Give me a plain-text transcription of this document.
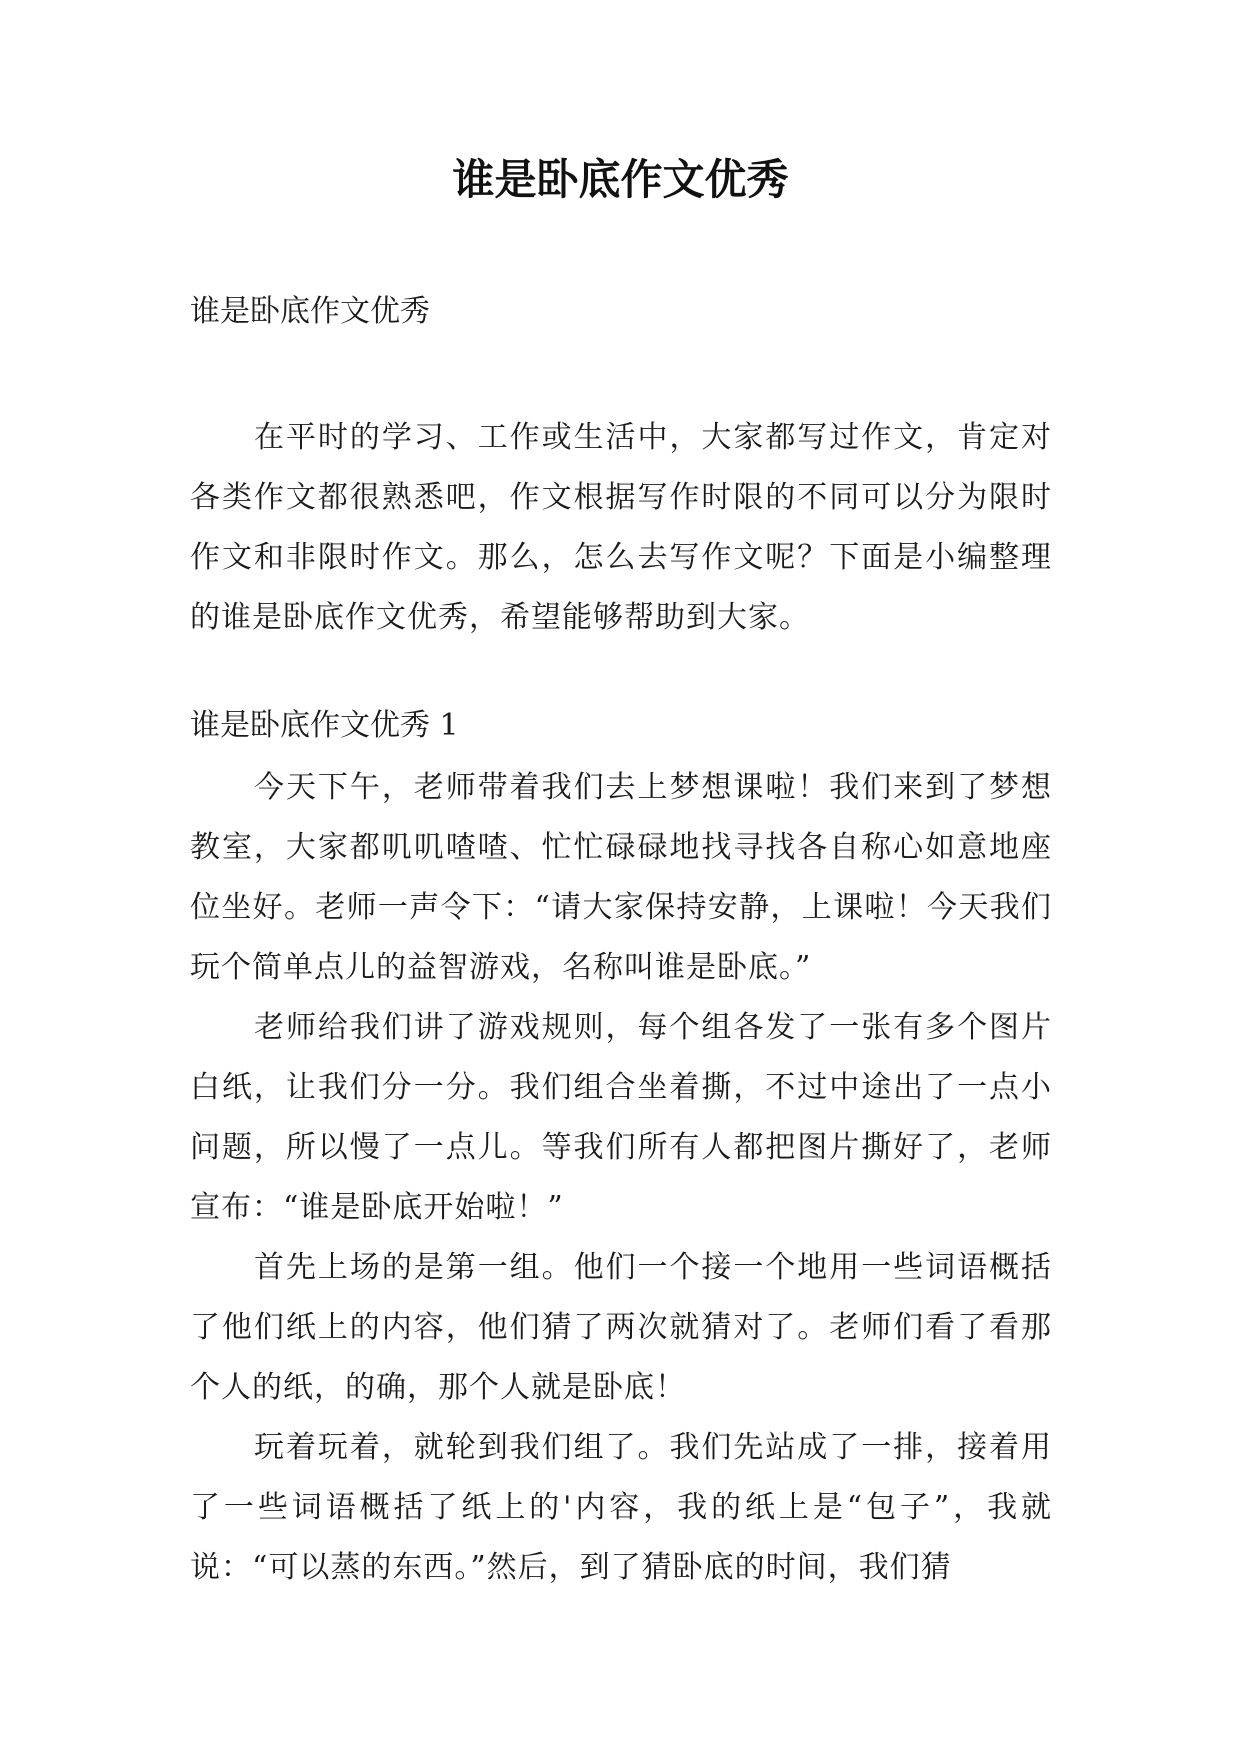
谁是卧底作文优秀

谁是卧底作文优秀

在平时的学习、工作或生活中，大家都写过作文，肯定对各类作文都很熟悉吧，作文根据写作时限的不同可以分为限时作文和非限时作文。那么，怎么去写作文呢？下面是小编整理的谁是卧底作文优秀，希望能够帮助到大家。

谁是卧底作文优秀 1

今天下午，老师带着我们去上梦想课啦！我们来到了梦想教室，大家都叽叽喳喳、忙忙碌碌地找寻找各自称心如意地座位坐好。老师一声令下：“请大家保持安静，上课啦！今天我们玩个简单点儿的益智游戏，名称叫谁是卧底。”

老师给我们讲了游戏规则，每个组各发了一张有多个图片白纸，让我们分一分。我们组合坐着撕，不过中途出了一点小问题，所以慢了一点儿。等我们所有人都把图片撕好了，老师宣布：“谁是卧底开始啦！”

首先上场的是第一组。他们一个接一个地用一些词语概括了他们纸上的内容，他们猜了两次就猜对了。老师们看了看那个人的纸，的确，那个人就是卧底！

玩着玩着，就轮到我们组了。我们先站成了一排，接着用了一些词语概括了纸上的'内容，我的纸上是“包子”，我就说：“可以蒸的东西。”然后，到了猜卧底的时间，我们猜
